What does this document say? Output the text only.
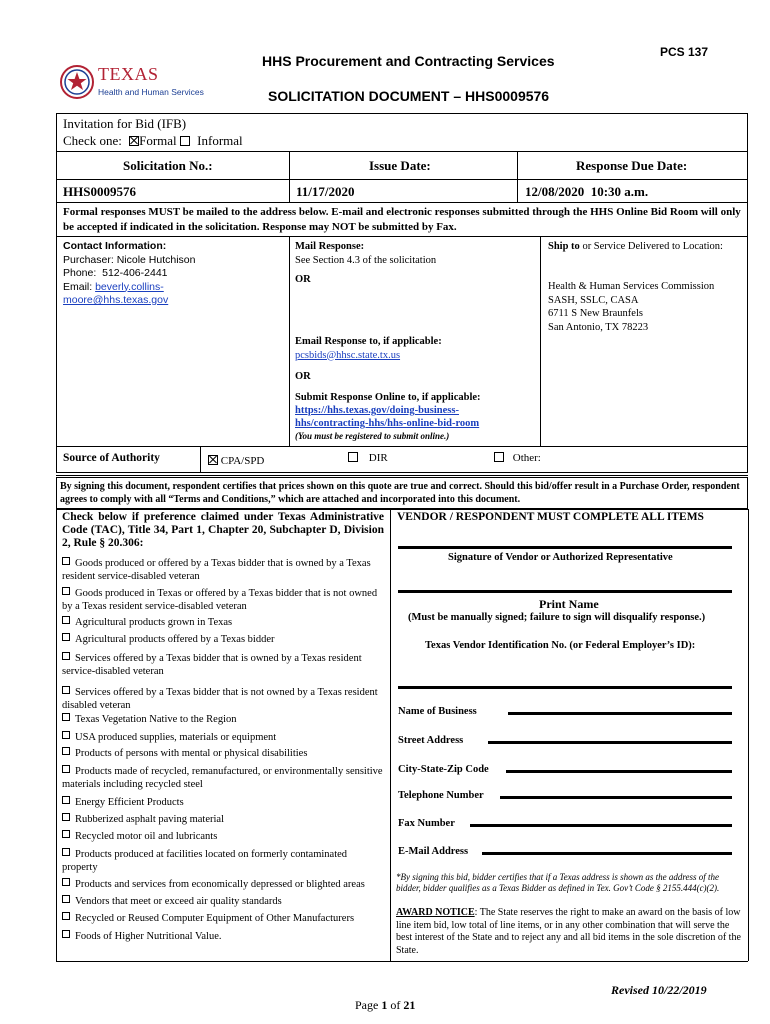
TEXAS
Health and Human Services
PCS 137
HHS Procurement and Contracting Services
SOLICITATION DOCUMENT – HHS0009576
Invitation for Bid (IFB)
Check one: Formal Informal
Solicitation No.:	Issue Date:	Response Due Date:
HHS0009576	11/17/2020	12/08/2020  10:30 a.m.
Formal responses MUST be mailed to the address below. E-mail and electronic responses submitted through the HHS Online Bid Room will only be accepted if indicated in the solicitation. Response may NOT be submitted by Fax.
Contact Information:
Purchaser: Nicole Hutchison
Phone:  512-406-2441
Email: beverly.collins-
moore@hhs.texas.gov
Mail Response:
See Section 4.3 of the solicitation
OR
Email Response to, if applicable:
pcsbids@hhsc.state.tx.us
OR
Submit Response Online to, if applicable:
https://hhs.texas.gov/doing-business-
hhs/contracting-hhs/hhs-online-bid-room
(You must be registered to submit online.)
Ship to or Service Delivered to Location:
Health & Human Services Commission
SASH, SSLC, CASA
6711 S New Braunfels
San Antonio, TX 78223
Source of Authority	CPA/SPD	DIR	Other:
By signing this document, respondent certifies that prices shown on this quote are true and correct. Should this bid/offer result in a Purchase Order, respondent agrees to comply with all “Terms and Conditions,” which are attached and incorporated into this document.
Check below if preference claimed under Texas Administrative Code (TAC), Title 34, Part 1, Chapter 20, Subchapter D, Division 2, Rule § 20.306:
Goods produced or offered by a Texas bidder that is owned by a Texas resident service-disabled veteran
Goods produced in Texas or offered by a Texas bidder that is not owned by a Texas resident service-disabled veteran
Agricultural products grown in Texas
Agricultural products offered by a Texas bidder
Services offered by a Texas bidder that is owned by a Texas resident service-disabled veteran
Services offered by a Texas bidder that is not owned by a Texas resident disabled veteran
Texas Vegetation Native to the Region
USA produced supplies, materials or equipment
Products of persons with mental or physical disabilities
Products made of recycled, remanufactured, or environmentally sensitive materials including recycled steel
Energy Efficient Products
Rubberized asphalt paving material
Recycled motor oil and lubricants
Products produced at facilities located on formerly contaminated property
Products and services from economically depressed or blighted areas
Vendors that meet or exceed air quality standards
Recycled or Reused Computer Equipment of Other Manufacturers
Foods of Higher Nutritional Value.
VENDOR / RESPONDENT MUST COMPLETE ALL ITEMS
Signature of Vendor or Authorized Representative
Print Name
(Must be manually signed; failure to sign will disqualify response.)
Texas Vendor Identification No. (or Federal Employer’s ID):
Name of Business
Street Address
City-State-Zip Code
Telephone Number
Fax Number
E-Mail Address
*By signing this bid, bidder certifies that if a Texas address is shown as the address of the bidder, bidder qualifies as a Texas Bidder as defined in Tex. Gov’t Code § 2155.444(c)(2).
AWARD NOTICE: The State reserves the right to make an award on the basis of low line item bid, low total of line items, or in any other combination that will serve the best interest of the State and to reject any and all bid items in the sole discretion of the State.

Page 1 of 21

Revised 10/22/2019
